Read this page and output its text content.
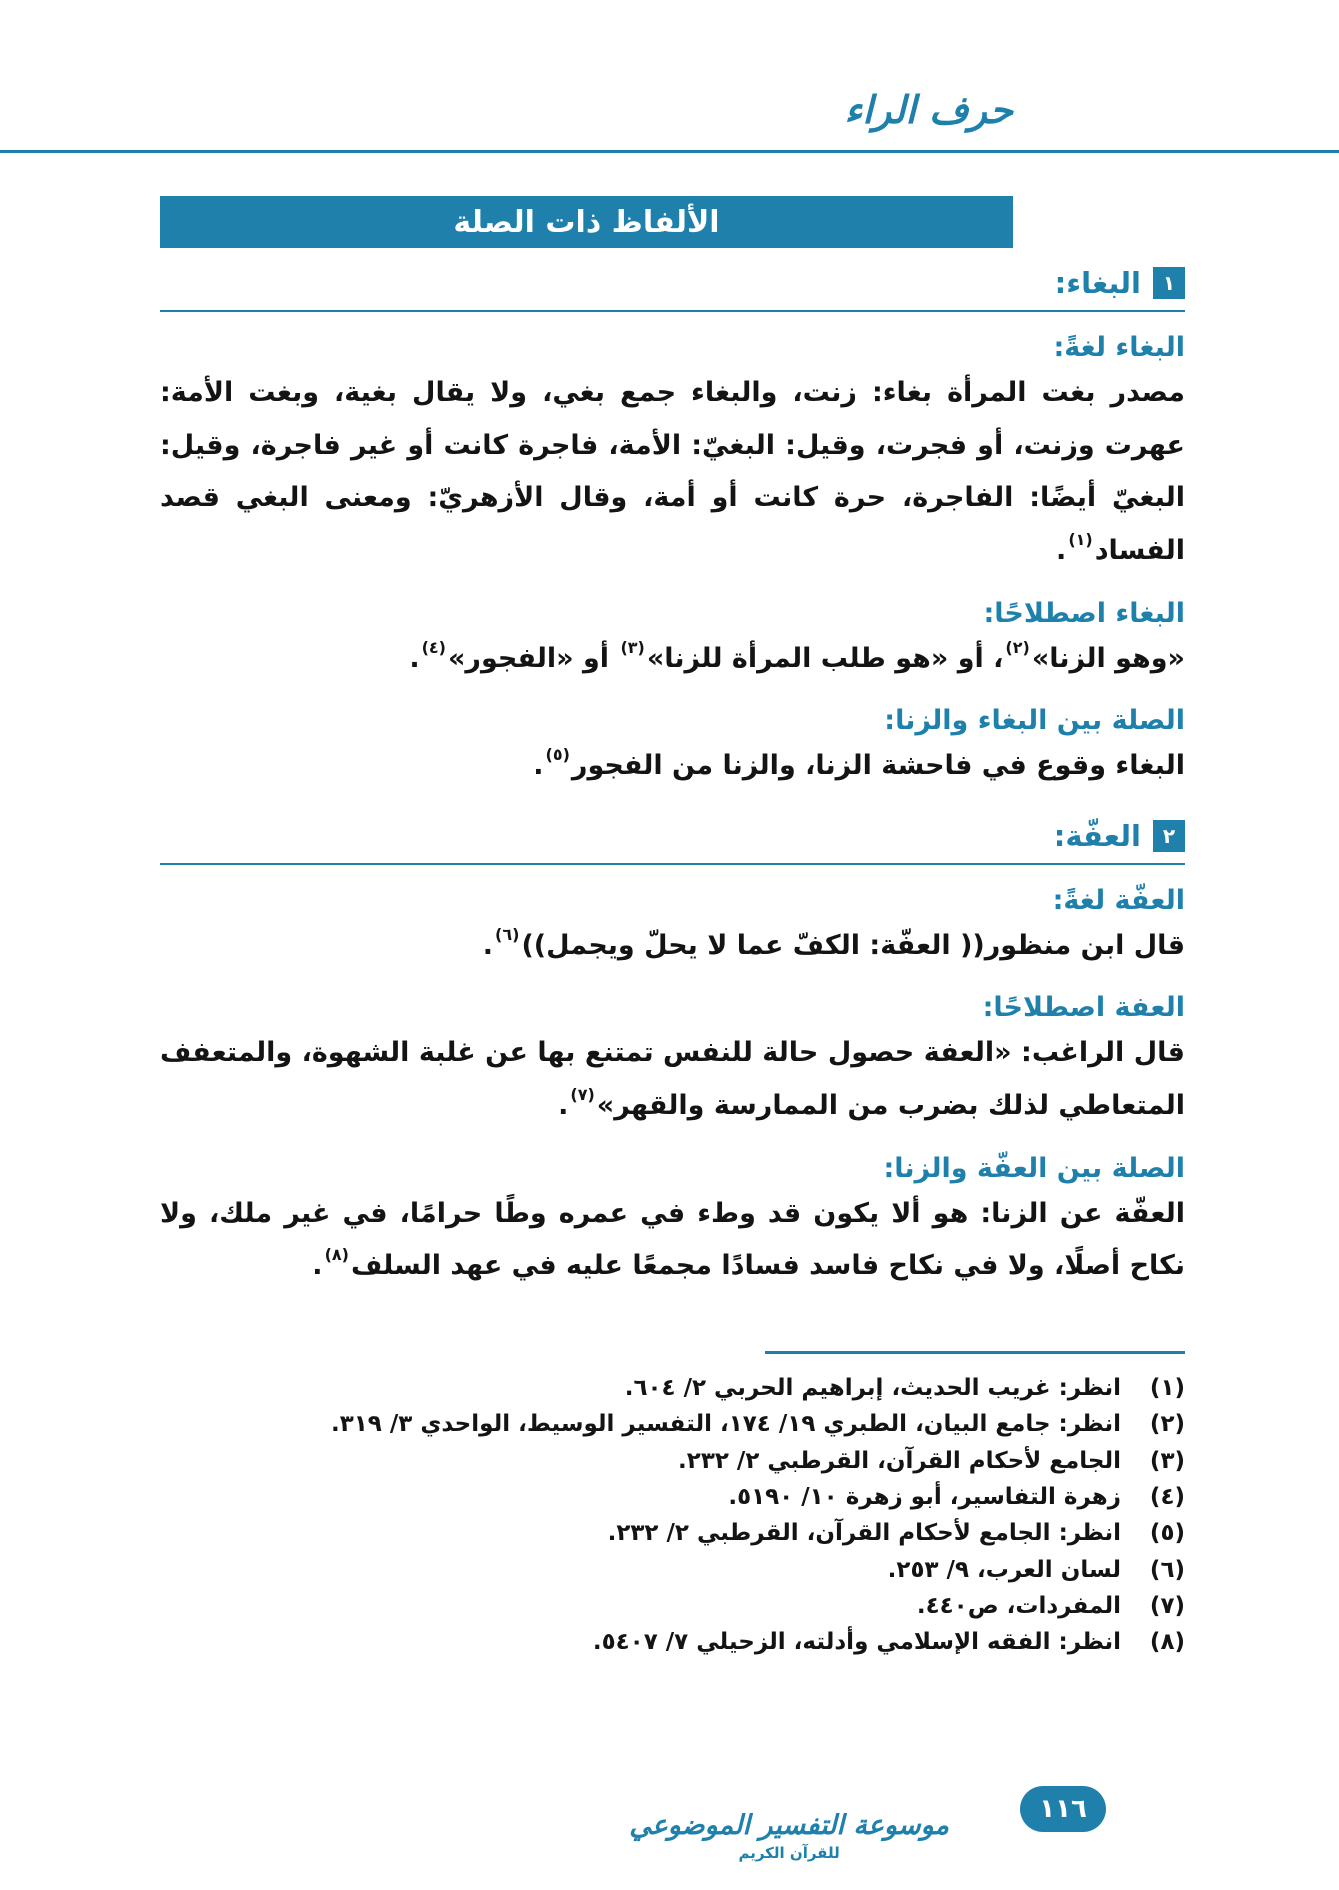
حرف الراء
الألفاظ ذات الصلة
١
البغاء:
البغاء لغةً:

مصدر بغت المرأة بغاء: زنت، والبغاء جمع بغي، ولا يقال بغية، وبغت الأمة: عهرت وزنت، أو فجرت، وقيل: البغيّ: الأمة، فاجرة كانت أو غير فاجرة، وقيل: البغيّ أيضًا: الفاجرة، حرة كانت أو أمة، وقال الأزهريّ: ومعنى البغي قصد الفساد$^{(١)}$.

البغاء اصطلاحًا:

«وهو الزنا»$^{(٢)}$، أو «هو طلب المرأة للزنا»$^{(٣)}$ أو «الفجور»$^{(٤)}$.

الصلة بين البغاء والزنا:

البغاء وقوع في فاحشة الزنا، والزنا من الفجور$^{(٥)}$.

٢
العفّة:
العفّة لغةً:

قال ابن منظور(( العفّة: الكفّ عما لا يحلّ ويجمل))$^{(٦)}$.

العفة اصطلاحًا:

قال الراغب: «العفة حصول حالة للنفس تمتنع بها عن غلبة الشهوة، والمتعفف المتعاطي لذلك بضرب من الممارسة والقهر»$^{(٧)}$.

الصلة بين العفّة والزنا:

العفّة عن الزنا: هو ألا يكون قد وطء في عمره وطًا حرامًا، في غير ملك، ولا نكاح أصلًا، ولا في نكاح فاسد فسادًا مجمعًا عليه في عهد السلف$^{(٨)}$.

(١)
انظر: غريب الحديث، إبراهيم الحربي ٢/ ٦٠٤.
(٢)
انظر: جامع البيان، الطبري ١٩/ ١٧٤، التفسير الوسيط، الواحدي ٣/ ٣١٩.
(٣)
الجامع لأحكام القرآن، القرطبي ٢/ ٢٣٢.
(٤)
زهرة التفاسير، أبو زهرة ١٠/ ٥١٩٠.
(٥)
انظر: الجامع لأحكام القرآن، القرطبي ٢/ ٢٣٢.
(٦)
لسان العرب، ٩/ ٢٥٣.
(٧)
المفردات، ص٤٤٠.
(٨)
انظر: الفقه الإسلامي وأدلته، الزحيلي ٧/ ٥٤٠٧.
موسوعة التفسير الموضوعي
للقرآن الكريم
١١٦
